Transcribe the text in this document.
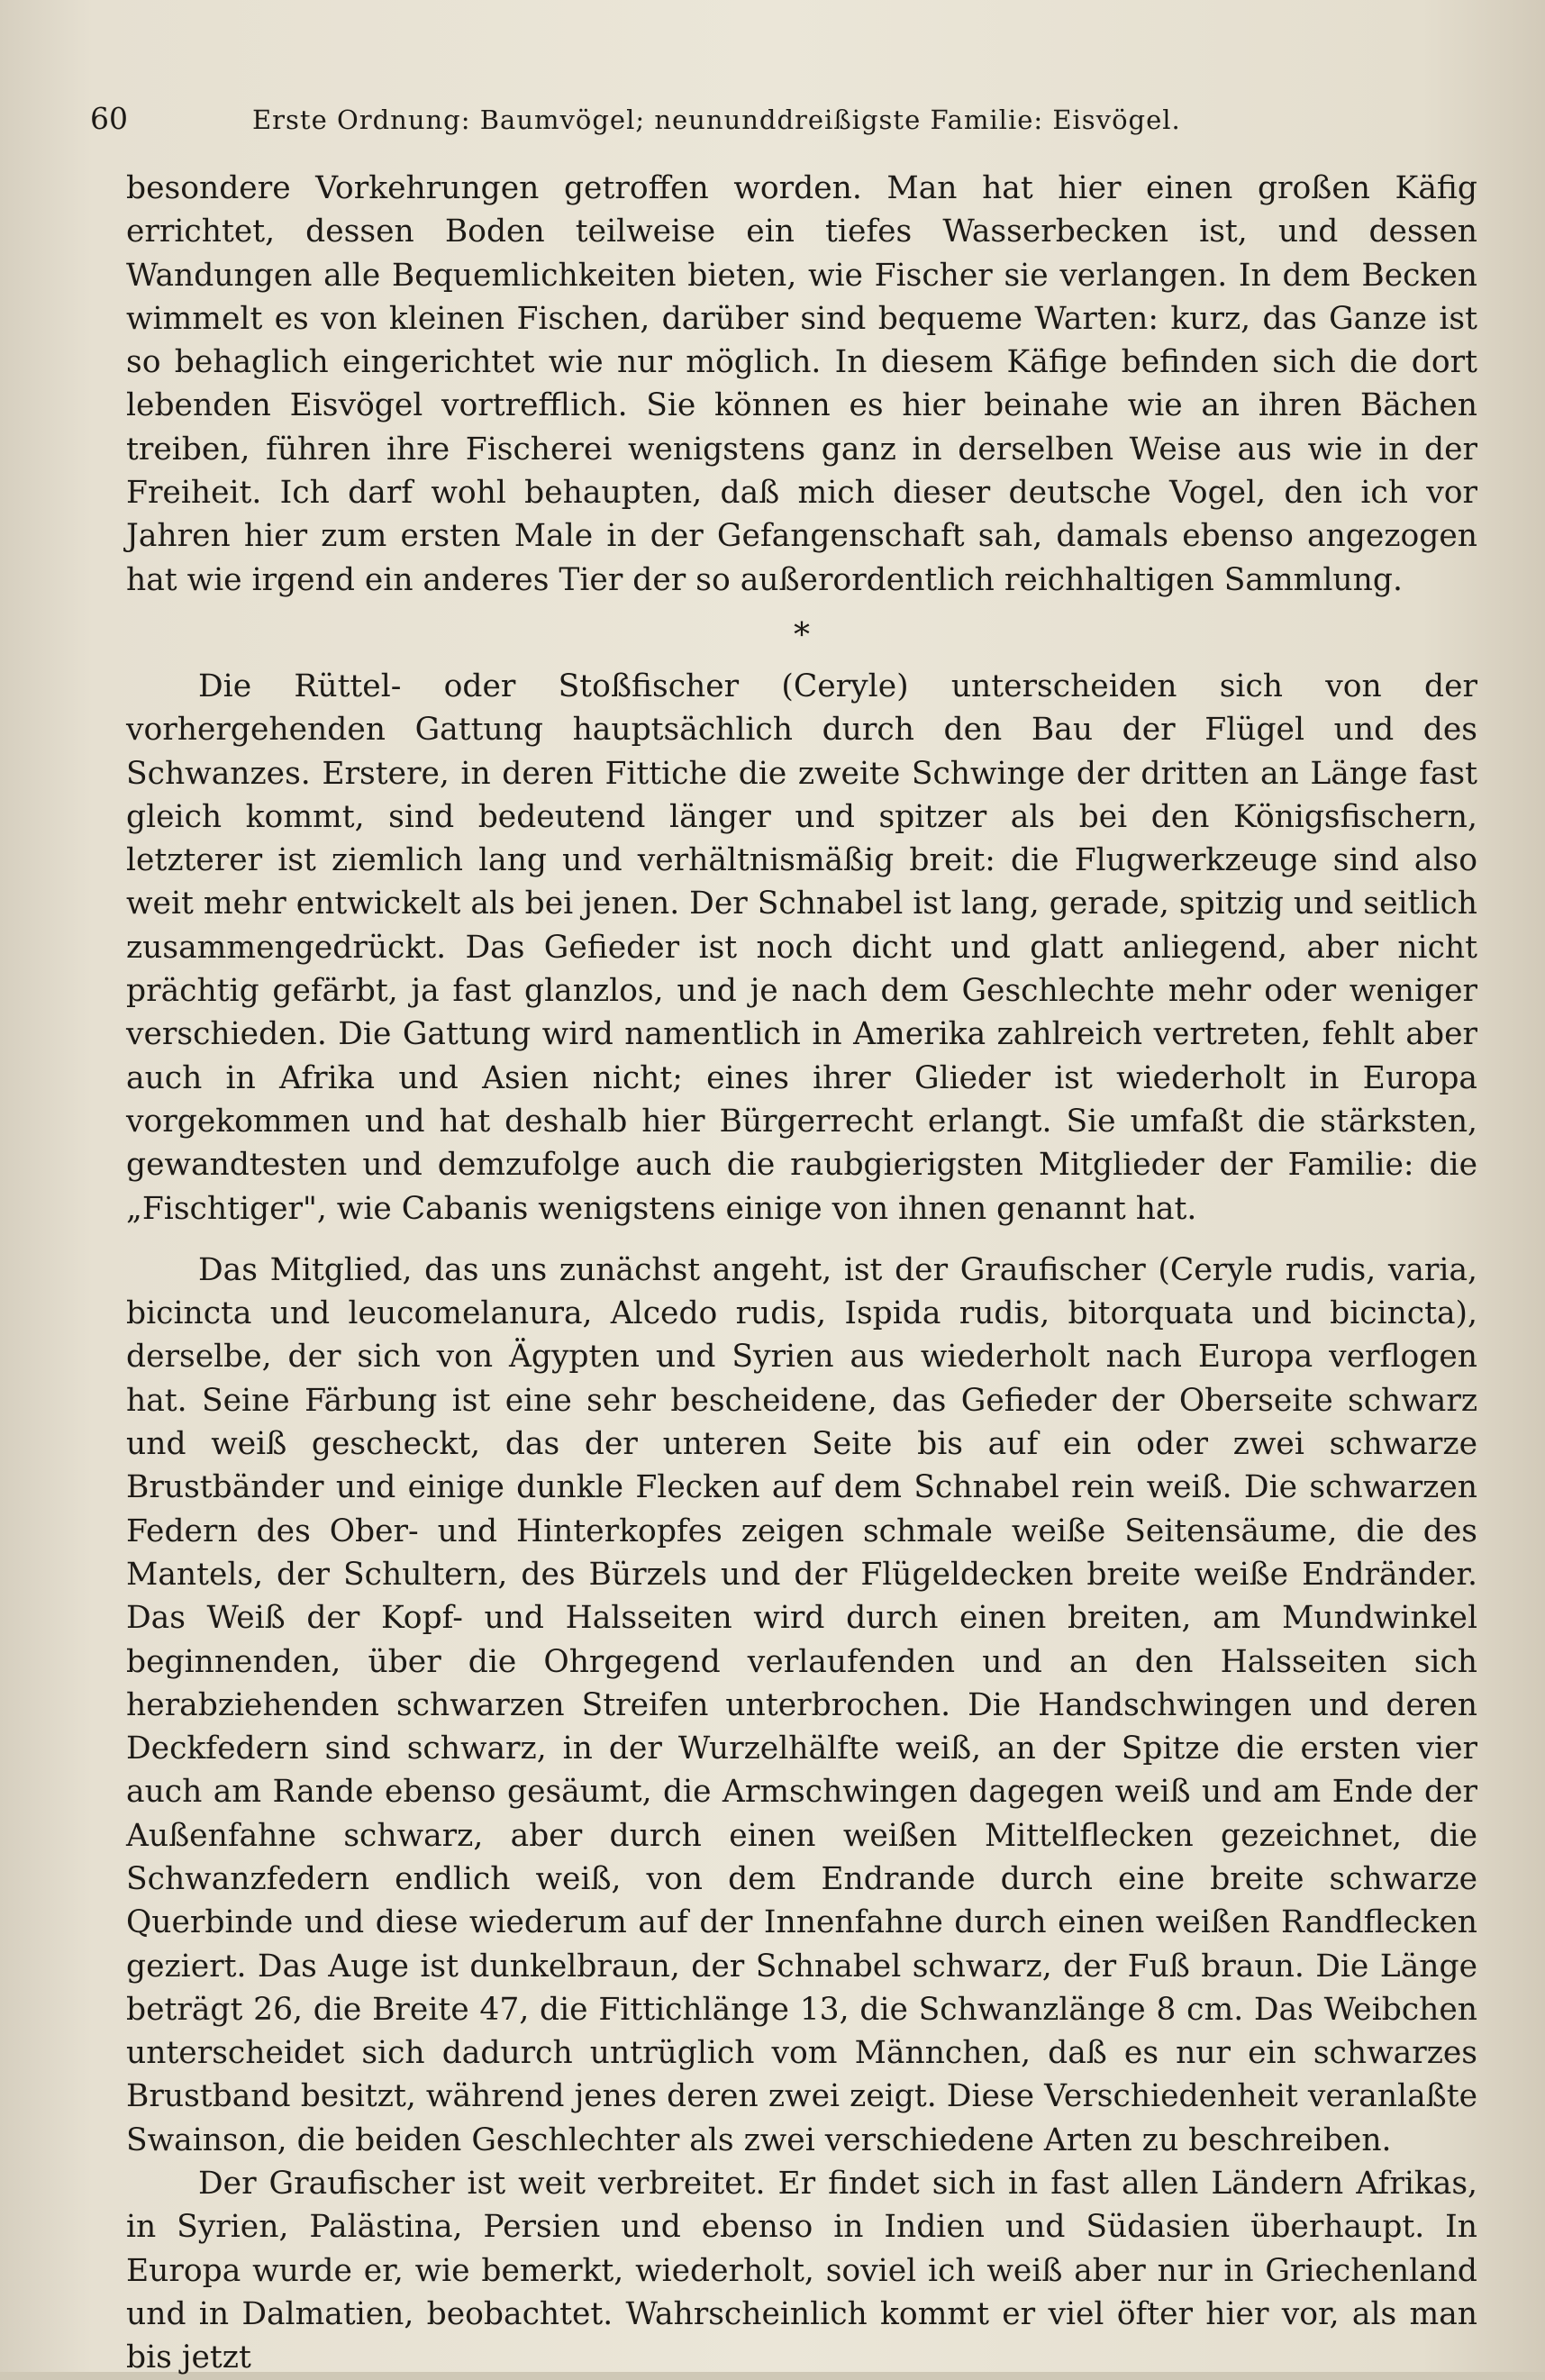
60	Erste Ordnung: Baumvögel; neununddreißigste Familie: Eisvögel.

besondere Vorkehrungen getroffen worden. Man hat hier einen großen Käfig errichtet, dessen Boden teilweise ein tiefes Wasserbecken ist, und dessen Wandungen alle Bequemlichkeiten bieten, wie Fischer sie verlangen. In dem Becken wimmelt es von kleinen Fischen, darüber sind bequeme Warten: kurz, das Ganze ist so behaglich eingerichtet wie nur möglich. In diesem Käfige befinden sich die dort lebenden Eisvögel vortrefflich. Sie können es hier beinahe wie an ihren Bächen treiben, führen ihre Fischerei wenigstens ganz in derselben Weise aus wie in der Freiheit. Ich darf wohl behaupten, daß mich dieser deutsche Vogel, den ich vor Jahren hier zum ersten Male in der Gefangenschaft sah, damals ebenso angezogen hat wie irgend ein anderes Tier der so außerordentlich reichhaltigen Sammlung.

*

Die Rüttel- oder Stoßfischer (Ceryle) unterscheiden sich von der vorhergehenden Gattung hauptsächlich durch den Bau der Flügel und des Schwanzes. Erstere, in deren Fittiche die zweite Schwinge der dritten an Länge fast gleich kommt, sind bedeutend länger und spitzer als bei den Königsfischern, letzterer ist ziemlich lang und verhältnismäßig breit: die Flugwerkzeuge sind also weit mehr entwickelt als bei jenen. Der Schnabel ist lang, gerade, spitzig und seitlich zusammengedrückt. Das Gefieder ist noch dicht und glatt anliegend, aber nicht prächtig gefärbt, ja fast glanzlos, und je nach dem Geschlechte mehr oder weniger verschieden. Die Gattung wird namentlich in Amerika zahlreich vertreten, fehlt aber auch in Afrika und Asien nicht; eines ihrer Glieder ist wiederholt in Europa vorgekommen und hat deshalb hier Bürgerrecht erlangt. Sie umfaßt die stärksten, gewandtesten und demzufolge auch die raubgierigsten Mitglieder der Familie: die „Fischtiger", wie Cabanis wenigstens einige von ihnen genannt hat.

Das Mitglied, das uns zunächst angeht, ist der Graufischer (Ceryle rudis, varia, bicincta und leucomelanura, Alcedo rudis, Ispida rudis, bitorquata und bicincta), derselbe, der sich von Ägypten und Syrien aus wiederholt nach Europa verflogen hat. Seine Färbung ist eine sehr bescheidene, das Gefieder der Oberseite schwarz und weiß gescheckt, das der unteren Seite bis auf ein oder zwei schwarze Brustbänder und einige dunkle Flecken auf dem Schnabel rein weiß. Die schwarzen Federn des Ober- und Hinterkopfes zeigen schmale weiße Seitensäume, die des Mantels, der Schultern, des Bürzels und der Flügeldecken breite weiße Endränder. Das Weiß der Kopf- und Halsseiten wird durch einen breiten, am Mundwinkel beginnenden, über die Ohrgegend verlaufenden und an den Halsseiten sich herabziehenden schwarzen Streifen unterbrochen. Die Handschwingen und deren Deckfedern sind schwarz, in der Wurzelhälfte weiß, an der Spitze die ersten vier auch am Rande ebenso gesäumt, die Armschwingen dagegen weiß und am Ende der Außenfahne schwarz, aber durch einen weißen Mittelflecken gezeichnet, die Schwanzfedern endlich weiß, von dem Endrande durch eine breite schwarze Querbinde und diese wiederum auf der Innenfahne durch einen weißen Randflecken geziert. Das Auge ist dunkelbraun, der Schnabel schwarz, der Fuß braun. Die Länge beträgt 26, die Breite 47, die Fittichlänge 13, die Schwanzlänge 8 cm. Das Weibchen unterscheidet sich dadurch untrüglich vom Männchen, daß es nur ein schwarzes Brustband besitzt, während jenes deren zwei zeigt. Diese Verschiedenheit veranlaßte Swainson, die beiden Geschlechter als zwei verschiedene Arten zu beschreiben.

Der Graufischer ist weit verbreitet. Er findet sich in fast allen Ländern Afrikas, in Syrien, Palästina, Persien und ebenso in Indien und Südasien überhaupt. In Europa wurde er, wie bemerkt, wiederholt, soviel ich weiß aber nur in Griechenland und in Dalmatien, beobachtet. Wahrscheinlich kommt er viel öfter hier vor, als man bis jetzt
